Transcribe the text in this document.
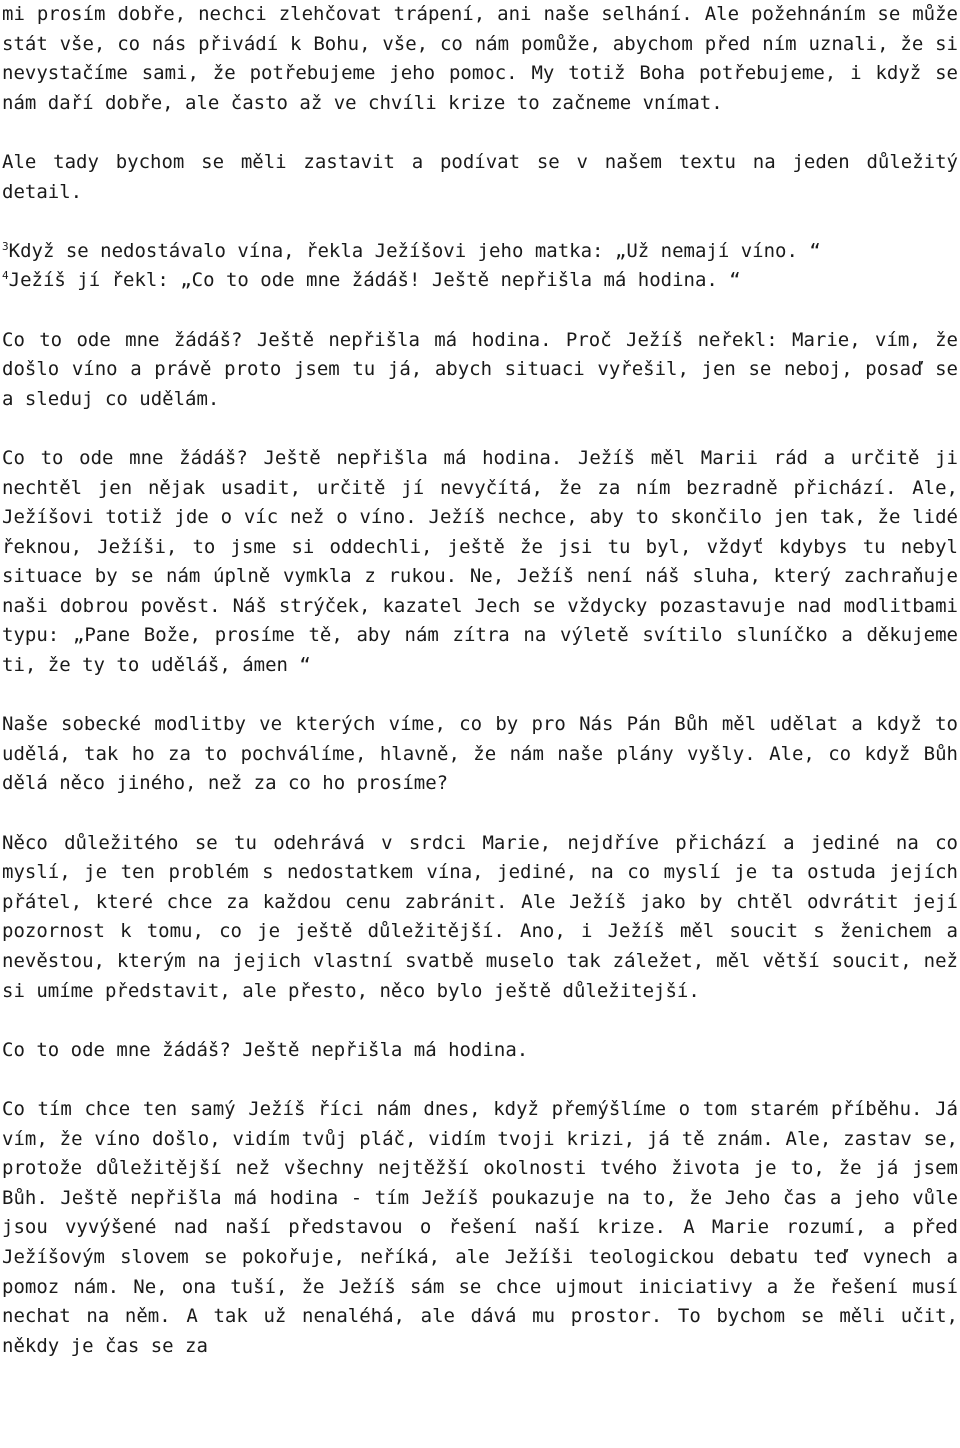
mi prosím dobře, nechci zlehčovat trápení, ani naše selhání. Ale požehnáním se může stát vše, co nás přivádí k Bohu, vše, co nám pomůže, abychom před ním uznali, že si nevystačíme sami, že potřebujeme jeho pomoc. My totiž Boha potřebujeme, i když se nám daří dobře, ale často až ve chvíli krize to začneme vnímat.

Ale tady bychom se měli zastavit a podívat se v našem textu na jeden důležitý detail.

$^3$Když se nedostávalo vína, řekla Ježíšovi jeho matka: „Už nemají víno. “

$^4$Ježíš jí řekl: „Co to ode mne žádáš! Ještě nepřišla má hodina. “

Co to ode mne žádáš? Ještě nepřišla má hodina. Proč Ježíš neřekl: Marie, vím, že došlo víno a právě proto jsem tu já, abych situaci vyřešil, jen se neboj, posaď se a sleduj co udělám.

Co to ode mne žádáš? Ještě nepřišla má hodina. Ježíš měl Marii rád a určitě ji nechtěl jen nějak usadit, určitě jí nevyčítá, že za ním bezradně přichází. Ale, Ježíšovi totiž jde o víc než o víno. Ježíš nechce, aby to skončilo jen tak, že lidé řeknou, Ježíši, to jsme si oddechli, ještě že jsi tu byl, vždyť kdybys tu nebyl situace by se nám úplně vymkla z rukou. Ne, Ježíš není náš sluha, který zachraňuje naši dobrou pověst. Náš strýček, kazatel Jech se vždycky pozastavuje nad modlitbami typu: „Pane Bože, prosíme tě, aby nám zítra na výletě svítilo sluníčko a děkujeme ti, že ty to uděláš, ámen “

Naše sobecké modlitby ve kterých víme, co by pro Nás Pán Bůh měl udělat a když to udělá, tak ho za to pochválíme, hlavně, že nám naše plány vyšly. Ale, co když Bůh dělá něco jiného, než za co ho prosíme?

Něco důležitého se tu odehrává v srdci Marie, nejdříve přichází a jediné na co myslí, je ten problém s nedostatkem vína, jediné, na co myslí je ta ostuda jejích přátel, které chce za každou cenu zabránit. Ale Ježíš jako by chtěl odvrátit její pozornost k tomu, co je ještě důležitější. Ano, i Ježíš měl soucit s ženichem a nevěstou, kterým na jejich vlastní svatbě muselo tak záležet, měl větší soucit, než si umíme představit, ale přesto, něco bylo ještě důležitejší.

Co to ode mne žádáš? Ještě nepřišla má hodina.

Co tím chce ten samý Ježíš říci nám dnes, když přemýšlíme o tom starém příběhu. Já vím, že víno došlo, vidím tvůj pláč, vidím tvoji krizi, já tě znám. Ale, zastav se, protože důležitější než všechny nejtěžší okolnosti tvého života je to, že já jsem Bůh. Ještě nepřišla má hodina - tím Ježíš poukazuje na to, že Jeho čas a jeho vůle jsou vyvýšené nad naší představou o řešení naší krize. A Marie rozumí, a před Ježíšovým slovem se pokořuje, neříká, ale Ježíši teologickou debatu teď vynech a pomoz nám. Ne, ona tuší, že Ježíš sám se chce ujmout iniciativy a že řešení musí nechat na něm. A tak už nenaléhá, ale dává mu prostor. To bychom se měli učit, někdy je čas se za
